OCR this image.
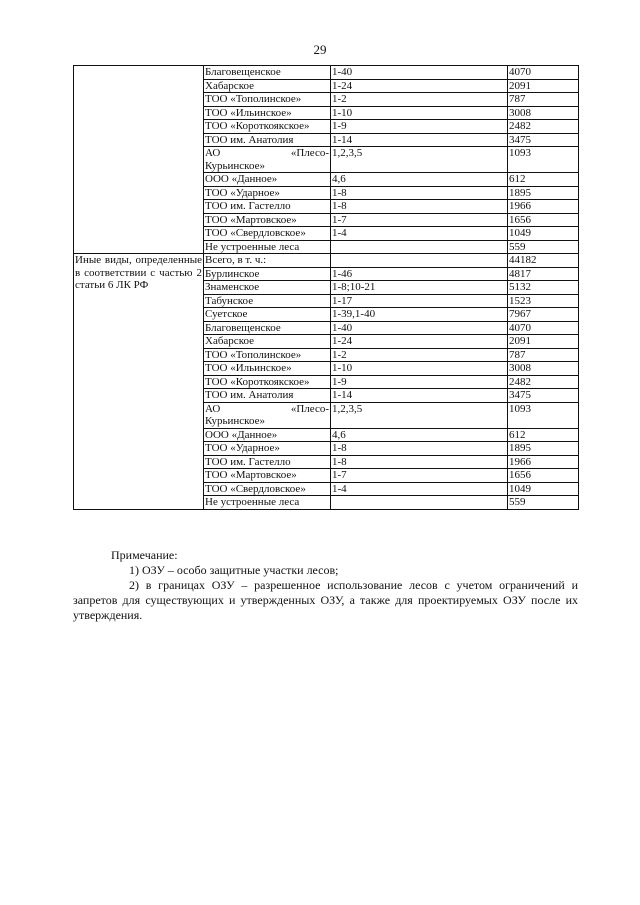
29
	Благовещенское	1-40	4070
	Хабарское	1-24	2091
	ТОО «Тополинское»	1-2	787
	ТОО «Ильинское»	1-10	3008
	ТОО «Короткоякское»	1-9	2482
	ТОО им. Анатолия	1-14	3475

	АО «Плесо-
Курьинское»	1,2,3,5	1093
	ООО «Данное»	4,6	612
	ТОО «Ударное»	1-8	1895
	ТОО им. Гастелло	1-8	1966
	ТОО «Мартовское»	1-7	1656
	ТОО «Свердловское»	1-4	1049
	Не устроенные леса		559
Иные виды, определенные в соответствии с частью 2 статьи 6 ЛК РФ	Всего, в т. ч.:		44182
	Бурлинское	1-46	4817
	Знаменское	1-8;10-21	5132
	Табунское	1-17	1523
	Суетское	1-39,1-40	7967
	Благовещенское	1-40	4070
	Хабарское	1-24	2091
	ТОО «Тополинское»	1-2	787
	ТОО «Ильинское»	1-10	3008
	ТОО «Короткоякское»	1-9	2482
	ТОО им. Анатолия	1-14	3475

	АО «Плесо-
Курьинское»	1,2,3,5	1093
	ООО «Данное»	4,6	612
	ТОО «Ударное»	1-8	1895
	ТОО им. Гастелло	1-8	1966
	ТОО «Мартовское»	1-7	1656
	ТОО «Свердловское»	1-4	1049
	Не устроенные леса		559

Примечание:

1) ОЗУ – особо защитные участки лесов;

2) в границах ОЗУ – разрешенное использование лесов с учетом ограничений и запретов для существующих и утвержденных ОЗУ, а также для проектируемых ОЗУ после их утверждения.
